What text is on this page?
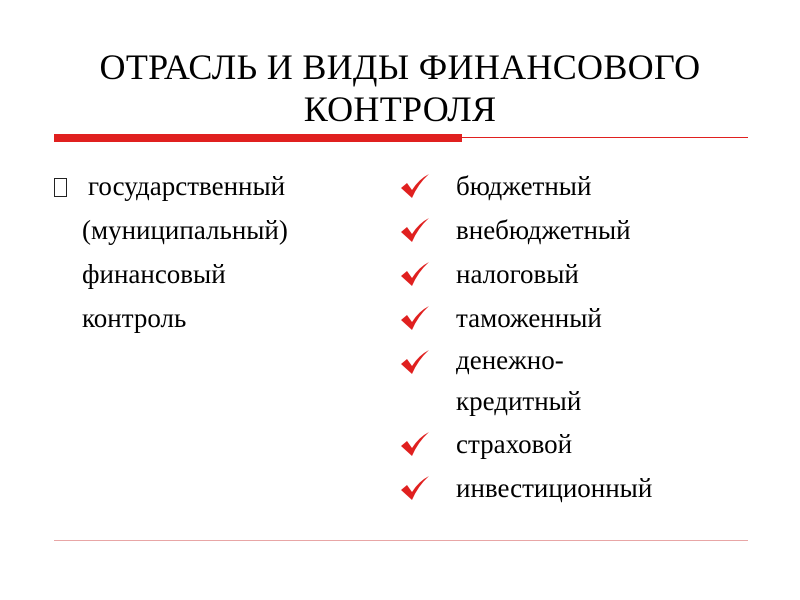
ОТРАСЛЬ И ВИДЫ ФИНАНСОВОГО КОНТРОЛЯ
государственный
(муниципальный)
финансовый
контроль
бюджетный
внебюджетный
налоговый
таможенный
денежно-кредитный
страховой
инвестиционный
